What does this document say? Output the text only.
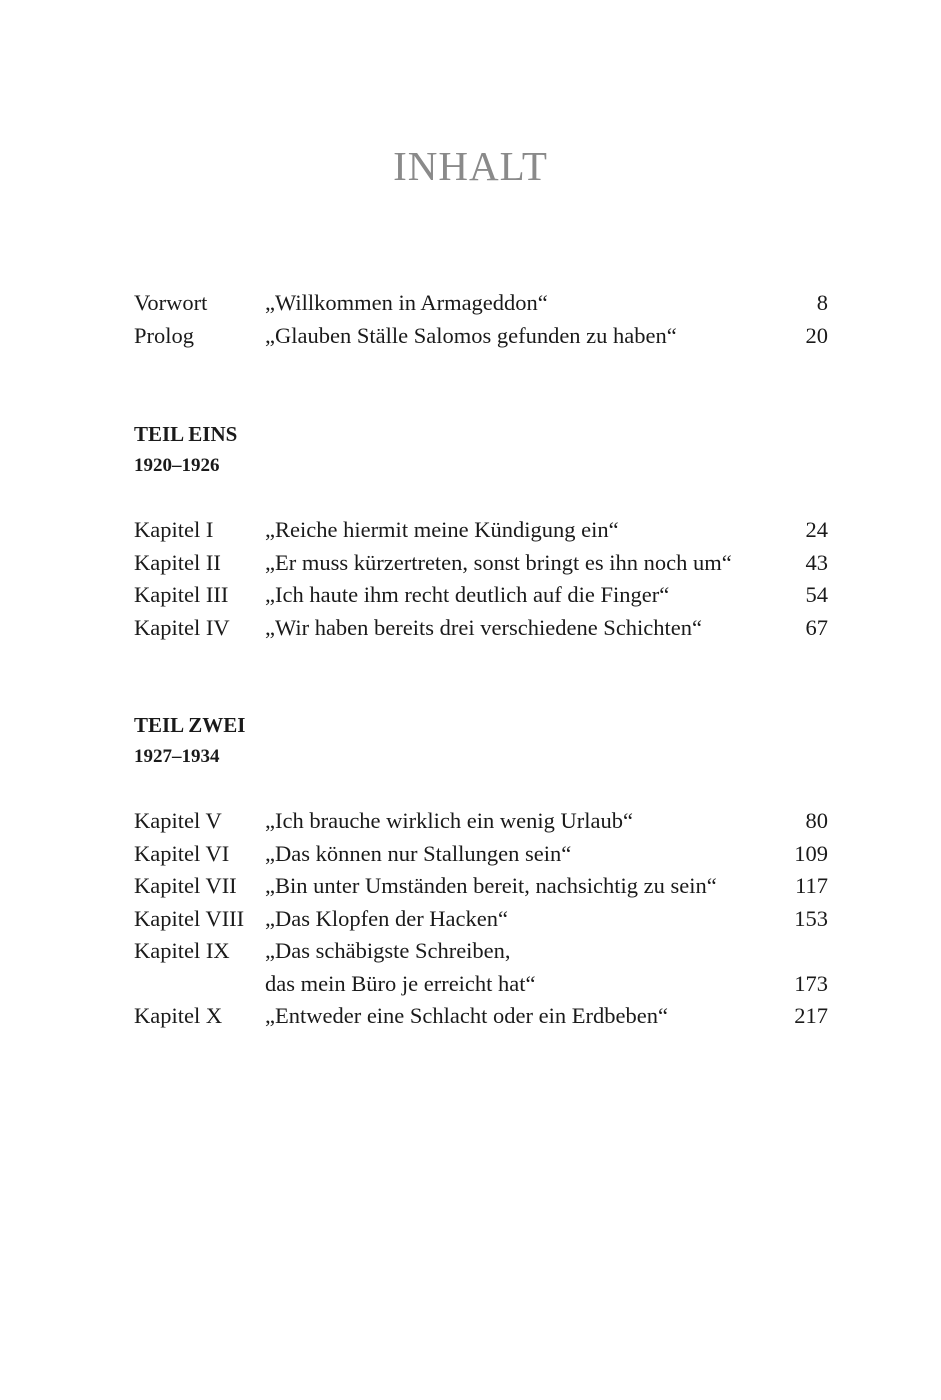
INHALT
Vorwort	„Willkommen in Armageddon“	8
Prolog	„Glauben Ställe Salomos gefunden zu haben“	20
TEIL EINS
1920–1926
Kapitel I „Reiche hiermit meine Kündigung ein“	24
Kapitel II „Er muss kürzertreten, sonst bringt es ihn noch um“	43
Kapitel III „Ich haute ihm recht deutlich auf die Finger“	54
Kapitel IV „Wir haben bereits drei verschiedene Schichten“	67
TEIL ZWEI
1927–1934
Kapitel V „Ich brauche wirklich ein wenig Urlaub“	80
Kapitel VI „Das können nur Stallungen sein“	109
Kapitel VII „Bin unter Umständen bereit, nachsichtig zu sein“	117
Kapitel VIII „Das Klopfen der Hacken“	153
Kapitel IX „Das schäbigste Schreiben,
das mein Büro je erreicht hat“	173
Kapitel X „Entweder eine Schlacht oder ein Erdbeben“	217
